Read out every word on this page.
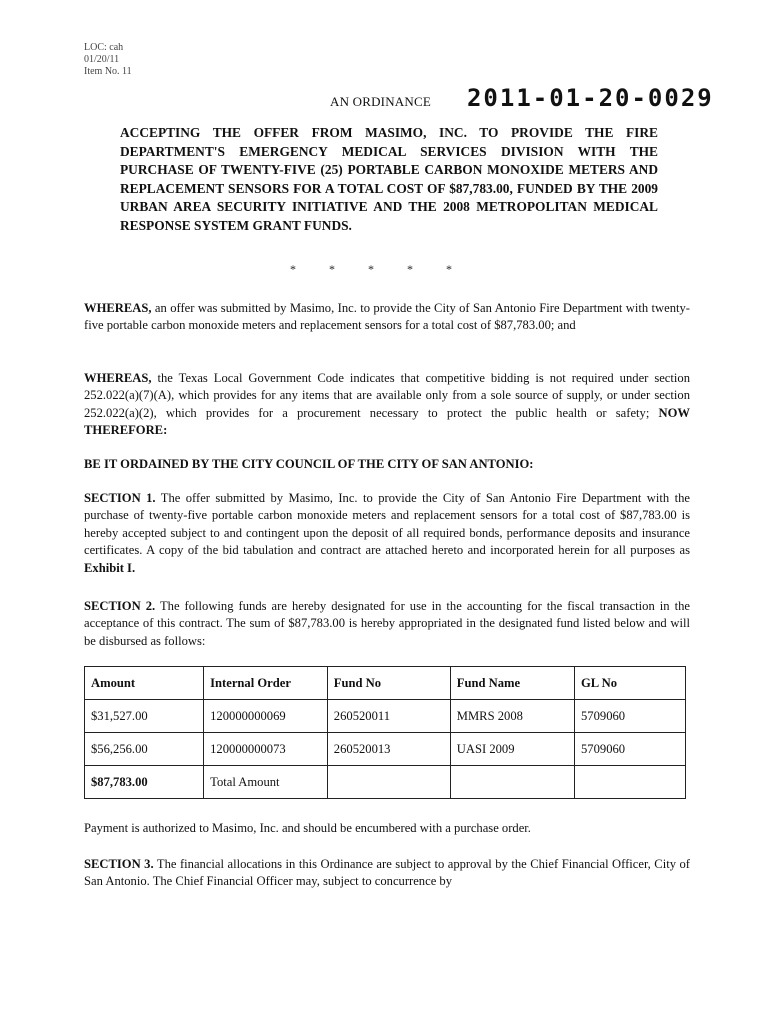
LOC: cah
01/20/11
Item No. 11
AN ORDINANCE 2011-01-20-0029
ACCEPTING THE OFFER FROM MASIMO, INC. TO PROVIDE THE FIRE DEPARTMENT'S EMERGENCY MEDICAL SERVICES DIVISION WITH THE PURCHASE OF TWENTY-FIVE (25) PORTABLE CARBON MONOXIDE METERS AND REPLACEMENT SENSORS FOR A TOTAL COST OF $87,783.00, FUNDED BY THE 2009 URBAN AREA SECURITY INITIATIVE AND THE 2008 METROPOLITAN MEDICAL RESPONSE SYSTEM GRANT FUNDS.
* * * * *
WHEREAS, an offer was submitted by Masimo, Inc. to provide the City of San Antonio Fire Department with twenty-five portable carbon monoxide meters and replacement sensors for a total cost of $87,783.00; and
WHEREAS, the Texas Local Government Code indicates that competitive bidding is not required under section 252.022(a)(7)(A), which provides for any items that are available only from a sole source of supply, or under section 252.022(a)(2), which provides for a procurement necessary to protect the public health or safety; NOW THEREFORE:
BE IT ORDAINED BY THE CITY COUNCIL OF THE CITY OF SAN ANTONIO:
SECTION 1. The offer submitted by Masimo, Inc. to provide the City of San Antonio Fire Department with the purchase of twenty-five portable carbon monoxide meters and replacement sensors for a total cost of $87,783.00 is hereby accepted subject to and contingent upon the deposit of all required bonds, performance deposits and insurance certificates. A copy of the bid tabulation and contract are attached hereto and incorporated herein for all purposes as Exhibit I.
SECTION 2. The following funds are hereby designated for use in the accounting for the fiscal transaction in the acceptance of this contract. The sum of $87,783.00 is hereby appropriated in the designated fund listed below and will be disbursed as follows:
Amount	Internal Order	Fund No	Fund Name	GL No
$31,527.00	120000000069	260520011	MMRS 2008	5709060
$56,256.00	120000000073	260520013	UASI 2009	5709060
$87,783.00	Total Amount			
Payment is authorized to Masimo, Inc. and should be encumbered with a purchase order.
SECTION 3. The financial allocations in this Ordinance are subject to approval by the Chief Financial Officer, City of San Antonio. The Chief Financial Officer may, subject to concurrence by
